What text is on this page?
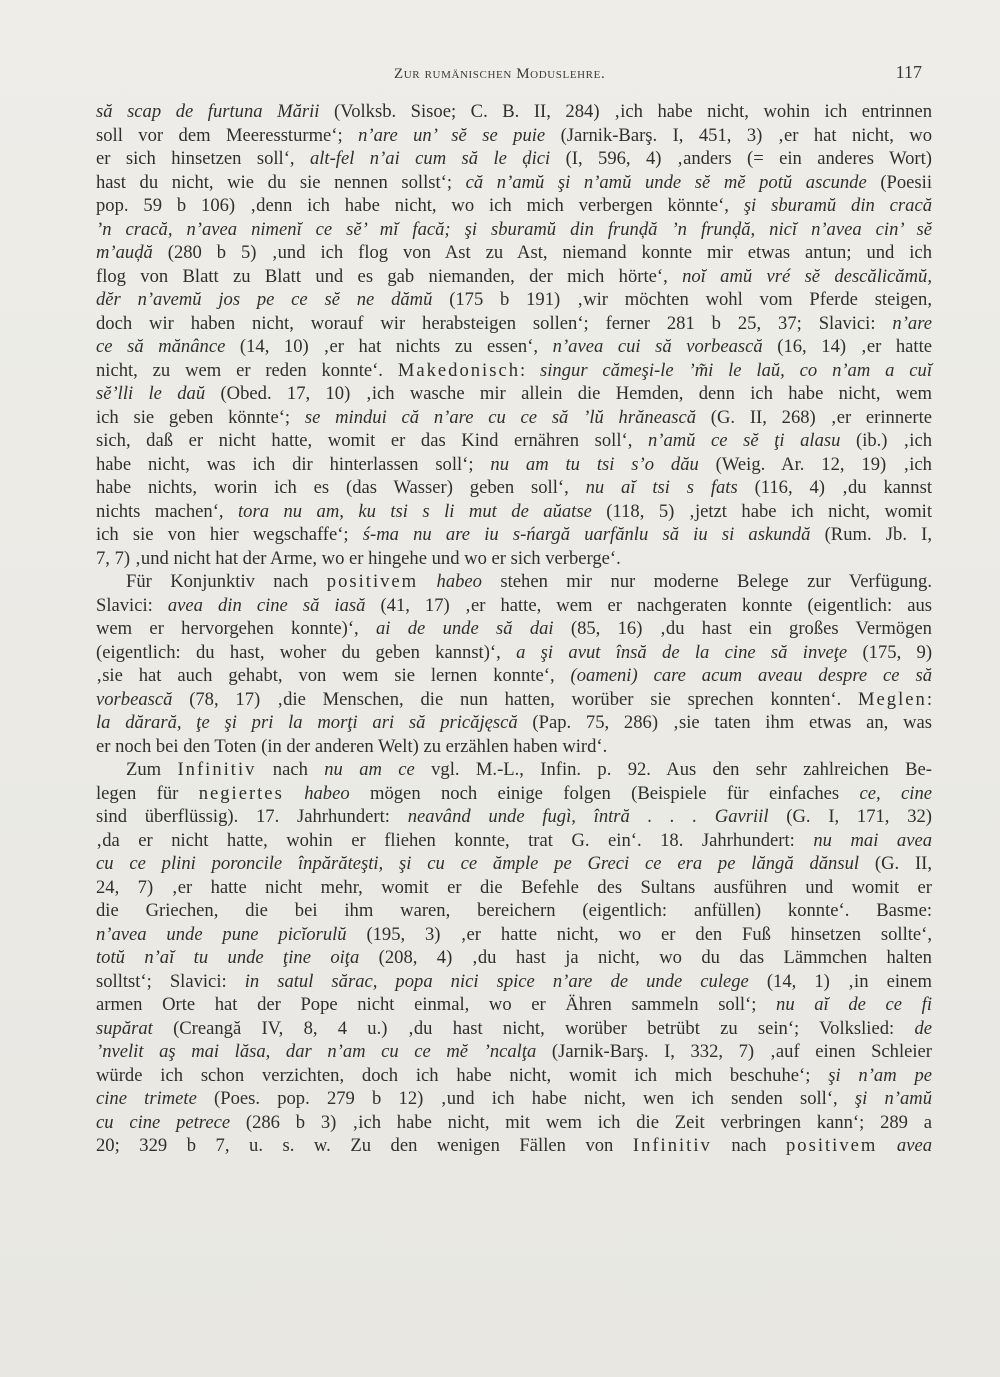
Zur rumänischen Moduslehre.	117
să scap de furtuna Mării (Volksb. Sisoe; C. B. II, 284) ‚ich habe nicht, wohin ich entrinnen
soll vor dem Meeressturme‘; n’are un’ sĕ se puie (Jarnik-Barş. I, 451, 3) ‚er hat nicht, wo
er sich hinsetzen soll‘, alt-fel n’ai cum să le ḑici (I, 596, 4) ‚anders (= ein anderes Wort)
hast du nicht, wie du sie nennen sollst‘; că n’amŭ şi n’amŭ unde sĕ mĕ potŭ ascunde (Poesii
pop. 59 b 106) ‚denn ich habe nicht, wo ich mich verbergen könnte‘, şi sburamŭ din cracă
’n cracă, n’avea nimenĭ ce sĕ’ mĭ facă; şi sburamŭ din frunḑă ’n frunḑă, nicĭ n’avea cin’ sĕ
m’auḑă (280 b 5) ‚und ich flog von Ast zu Ast, niemand konnte mir etwas antun; und ich
flog von Blatt zu Blatt und es gab niemanden, der mich hörte‘, noĭ amŭ vré sĕ descălicămŭ,
dĕr n’avemŭ jos pe ce sĕ ne dămŭ (175 b 191) ‚wir möchten wohl vom Pferde steigen,
doch wir haben nicht, worauf wir herabsteigen sollen‘; ferner 281 b 25, 37; Slavici: n’are
ce să mănânce (14, 10) ‚er hat nichts zu essen‘, n’avea cui să vorbească (16, 14) ‚er hatte
nicht, zu wem er reden konnte‘. Makedonisch: singur cămeşi-le ’m̃i le laŭ, co n’am a cuĭ
sĕ’lli le daŭ (Obed. 17, 10) ‚ich wasche mir allein die Hemden, denn ich habe nicht, wem
ich sie geben könnte‘; se mindui că n’are cu ce să ’lŭ hrănească (G. II, 268) ‚er erinnerte
sich, daß er nicht hatte, womit er das Kind ernähren soll‘, n’amŭ ce sĕ ţi alasu (ib.) ‚ich
habe nicht, was ich dir hinterlassen soll‘; nu am tu tsi s’o dău (Weig. Ar. 12, 19) ‚ich
habe nichts, worin ich es (das Wasser) geben soll‘, nu aĭ tsi s fats (116, 4) ‚du kannst
nichts machen‘, tora nu am, ku tsi s li mut de aŭatse (118, 5) ‚jetzt habe ich nicht, womit
ich sie von hier wegschaffe‘; ś-ma nu are iu s-ńargă uarfănlu să iu si askundă (Rum. Jb. I,
7, 7) ‚und nicht hat der Arme, wo er hingehe und wo er sich verberge‘.
Für Konjunktiv nach positivem habeo stehen mir nur moderne Belege zur Verfügung.
Slavici: avea din cine să iasă (41, 17) ‚er hatte, wem er nachgeraten konnte (eigentlich: aus
wem er hervorgehen konnte)‘, ai de unde să dai (85, 16) ‚du hast ein großes Vermögen
(eigentlich: du hast, woher du geben kannst)‘, a şi avut însă de la cine să inveţe (175, 9)
‚sie hat auch gehabt, von wem sie lernen konnte‘, (oameni) care acum aveau despre ce să
vorbească (78, 17) ‚die Menschen, die nun hatten, worüber sie sprechen konnten‘. Meglen:
la dărară, ţe şi pri la morţi ari să pricăjęscă (Pap. 75, 286) ‚sie taten ihm etwas an, was
er noch bei den Toten (in der anderen Welt) zu erzählen haben wird‘.
Zum Infinitiv nach nu am ce vgl. M.-L., Infin. p. 92. Aus den sehr zahlreichen Be-
legen für negiertes habeo mögen noch einige folgen (Beispiele für einfaches ce, cine
sind überflüssig). 17. Jahrhundert: neavând unde fugì, întră . . . Gavriil (G. I, 171, 32)
‚da er nicht hatte, wohin er fliehen konnte, trat G. ein‘. 18. Jahrhundert: nu mai avea
cu ce plini poroncile înpărăteşti, şi cu ce ămple pe Greci ce era pe lăngă dănsul (G. II,
24, 7) ‚er hatte nicht mehr, womit er die Befehle des Sultans ausführen und womit er
die Griechen, die bei ihm waren, bereichern (eigentlich: anfüllen) konnte‘. Basme:
n’avea unde pune picĭorulŭ (195, 3) ‚er hatte nicht, wo er den Fuß hinsetzen sollte‘,
totŭ n’aĭ tu unde ţine oiţa (208, 4) ‚du hast ja nicht, wo du das Lämmchen halten
solltst‘; Slavici: in satul sărac, popa nici spice n’are de unde culege (14, 1) ‚in einem
armen Orte hat der Pope nicht einmal, wo er Ähren sammeln soll‘; nu aĭ de ce fi
supărat (Creangă IV, 8, 4 u.) ‚du hast nicht, worüber betrübt zu sein‘; Volkslied: de
’nvelit aş mai lăsa, dar n’am cu ce mĕ ’ncalţa (Jarnik-Barş. I, 332, 7) ‚auf einen Schleier
würde ich schon verzichten, doch ich habe nicht, womit ich mich beschuhe‘; şi n’am pe
cine trimete (Poes. pop. 279 b 12) ‚und ich habe nicht, wen ich senden soll‘, şi n’amŭ
cu cine petrece (286 b 3) ‚ich habe nicht, mit wem ich die Zeit verbringen kann‘; 289 a
20; 329 b 7, u. s. w. Zu den wenigen Fällen von Infinitiv nach positivem avea
